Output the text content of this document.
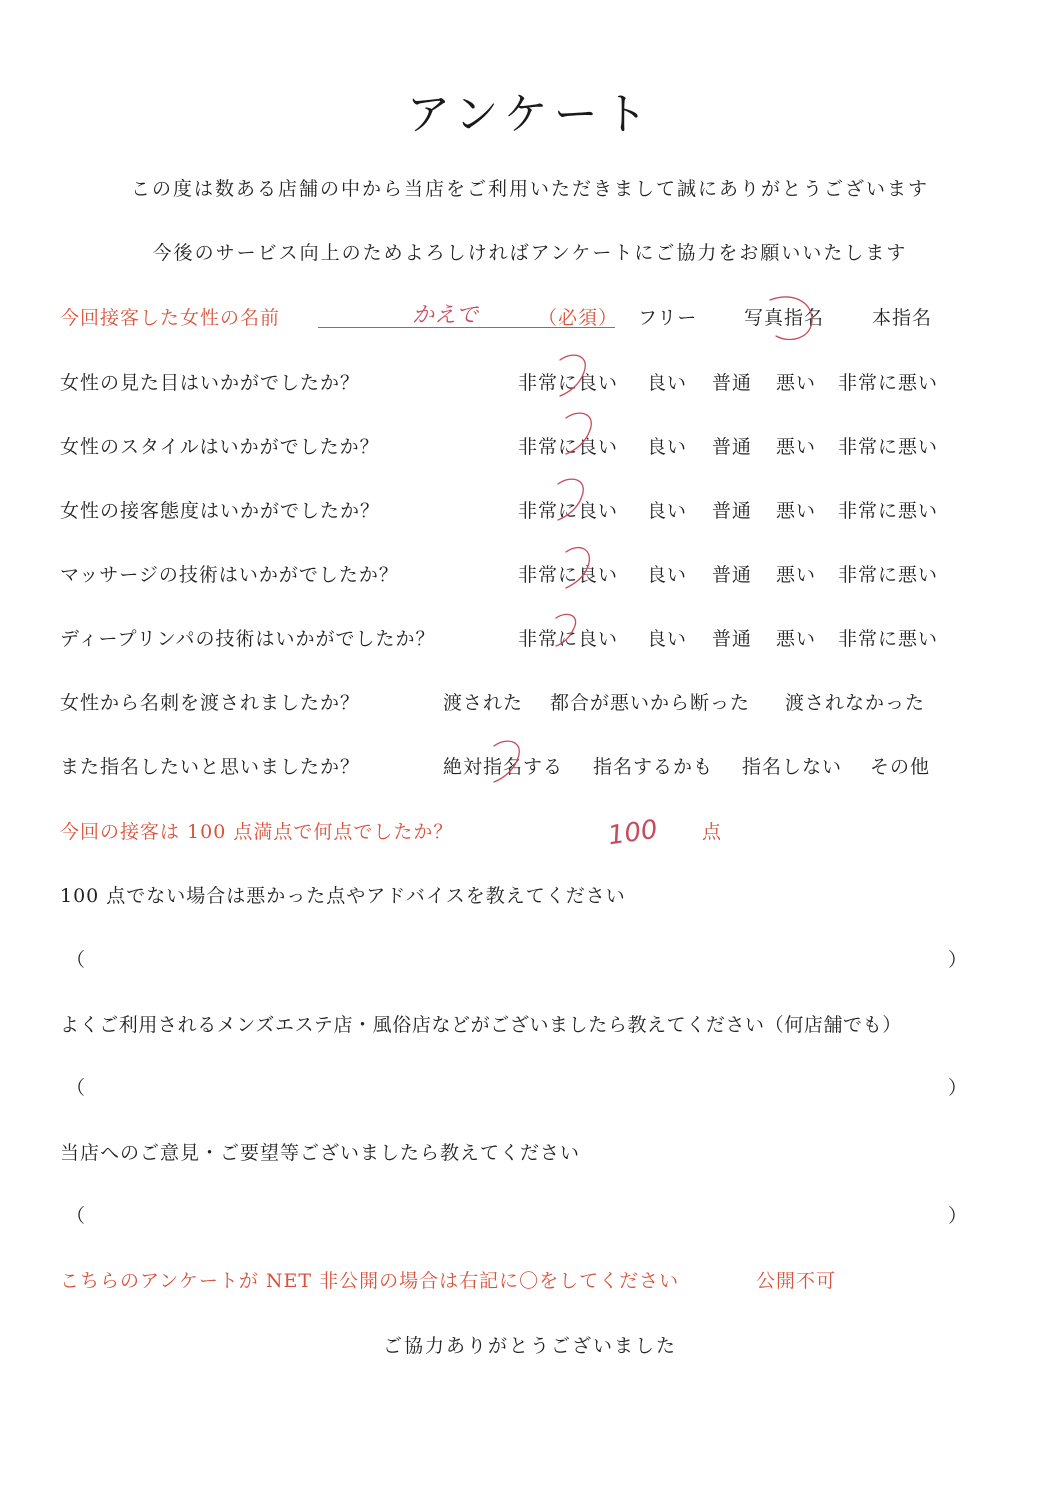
アンケート
この度は数ある店舗の中から当店をご利用いただきまして誠にありがとうございます
今後のサービス向上のためよろしければアンケートにご協力をお願いいたします
今回接客した女性の名前	かえで	（必須） フリー 写真指名	本指名
女性の見た目はいかがでしたか？	非常に良い 良い 普通 悪い 非常に悪い
女性のスタイルはいかがでしたか？	非常に良い 良い 普通 悪い 非常に悪い
女性の接客態度はいかがでしたか？	非常に良い 良い 普通 悪い 非常に悪い
マッサージの技術はいかがでしたか？	非常に良い 良い 普通 悪い 非常に悪い
ディープリンパの技術はいかがでしたか？	非常に良い 良い 普通 悪い 非常に悪い
女性から名刺を渡されましたか？	渡された 都合が悪いから断った 渡されなかった
また指名したいと思いましたか？	絶対指名する 指名するかも 指名しない その他
今回の接客は 100 点満点で何点でしたか？	100 点
100 点でない場合は悪かった点やアドバイスを教えてください
（	）
よくご利用されるメンズエステ店・風俗店などがございましたら教えてください（何店舗でも）
（	）
当店へのご意見・ご要望等ございましたら教えてください
（	）
こちらのアンケートが NET 非公開の場合は右記に〇をしてください	公開不可
ご協力ありがとうございました
